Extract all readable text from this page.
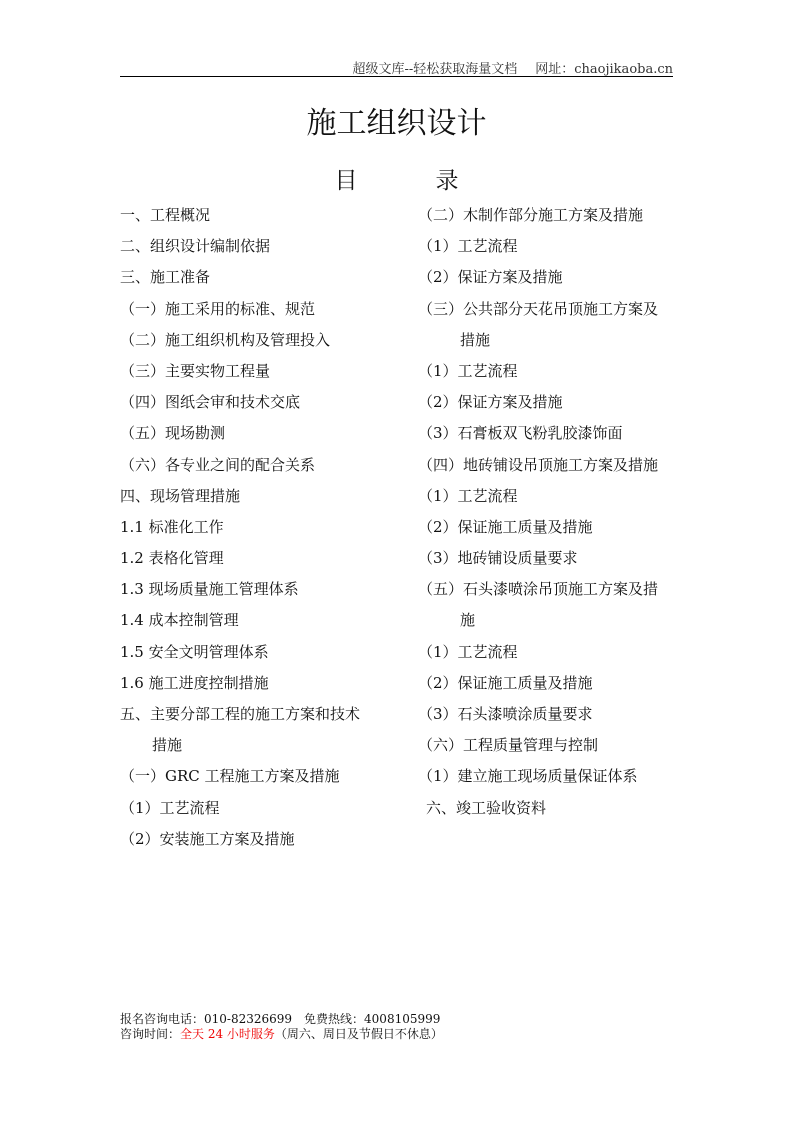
超级文库--轻松获取海量文档 网址：chaojikaoba.cn
施工组织设计
目	录
一、工程概况
二、组织设计编制依据
三、施工准备
（一）施工采用的标准、规范
（二）施工组织机构及管理投入
（三）主要实物工程量
（四）图纸会审和技术交底
（五）现场勘测
（六）各专业之间的配合关系
四、现场管理措施
1.1 标准化工作
1.2 表格化管理
1.3 现场质量施工管理体系
1.4 成本控制管理
1.5 安全文明管理体系
1.6 施工进度控制措施
五、主要分部工程的施工方案和技术
措施
（一）GRC 工程施工方案及措施
（1）工艺流程
（2）安装施工方案及措施
（二）木制作部分施工方案及措施
（1）工艺流程
（2）保证方案及措施
（三）公共部分天花吊顶施工方案及
措施
（1）工艺流程
（2）保证方案及措施
（3）石膏板双飞粉乳胶漆饰面
（四）地砖铺设吊顶施工方案及措施
（1）工艺流程
（2）保证施工质量及措施
（3）地砖铺设质量要求
（五）石头漆喷涂吊顶施工方案及措
施
（1）工艺流程
（2）保证施工质量及措施
（3）石头漆喷涂质量要求
（六）工程质量管理与控制
（1）建立施工现场质量保证体系
六、竣工验收资料
报名咨询电话：010-82326699　免费热线：4008105999
咨询时间：全天 24 小时服务（周六、周日及节假日不休息）
